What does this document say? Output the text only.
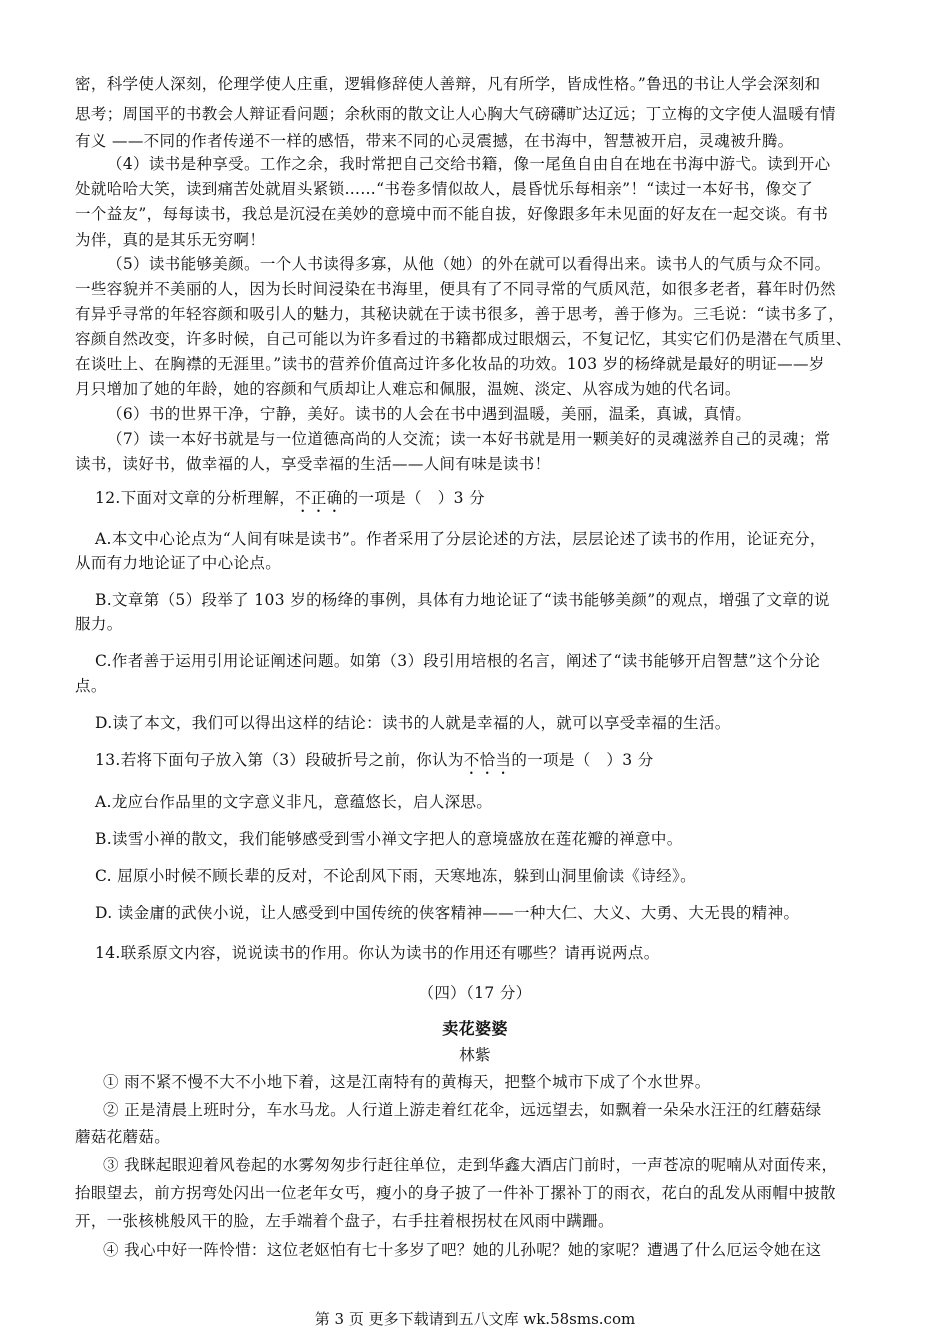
密，科学使人深刻，伦理学使人庄重，逻辑修辞使人善辩，凡有所学，皆成性格。”鲁迅的书让人学会深刻和
思考；周国平的书教会人辩证看问题；余秋雨的散文让人心胸大气磅礴旷达辽远；丁立梅的文字使人温暖有情
有义 ——不同的作者传递不一样的感悟，带来不同的心灵震撼，在书海中，智慧被开启，灵魂被升腾。
（4）读书是种享受。工作之余，我时常把自己交给书籍，像一尾鱼自由自在地在书海中游弋。读到开心
处就哈哈大笑，读到痛苦处就眉头紧锁……“书卷多情似故人，晨昏忧乐每相亲”！“读过一本好书，像交了
一个益友”，每每读书，我总是沉浸在美妙的意境中而不能自拔，好像跟多年未见面的好友在一起交谈。有书
为伴，真的是其乐无穷啊！
（5）读书能够美颜。一个人书读得多寡，从他（她）的外在就可以看得出来。读书人的气质与众不同。
一些容貌并不美丽的人，因为长时间浸染在书海里，便具有了不同寻常的气质风范，如很多老者，暮年时仍然
有异乎寻常的年轻容颜和吸引人的魅力，其秘诀就在于读书很多，善于思考，善于修为。三毛说：“读书多了，
容颜自然改变，许多时候，自己可能以为许多看过的书籍都成过眼烟云，不复记忆，其实它们仍是潜在气质里、
在谈吐上、在胸襟的无涯里。”读书的营养价值高过许多化妆品的功效。103 岁的杨绛就是最好的明证——岁
月只增加了她的年龄，她的容颜和气质却让人难忘和佩服，温婉、淡定、从容成为她的代名词。
（6）书的世界干净，宁静，美好。读书的人会在书中遇到温暖，美丽，温柔，真诚，真情。
（7）读一本好书就是与一位道德高尚的人交流；读一本好书就是用一颗美好的灵魂滋养自己的灵魂；常
读书，读好书，做幸福的人，享受幸福的生活——人间有味是读书！
12.下面对文章的分析理解，不正确的一项是（　）3 分
A.本文中心论点为“人间有味是读书”。作者采用了分层论述的方法，层层论述了读书的作用，论证充分，
从而有力地论证了中心论点。
B.文章第（5）段举了 103 岁的杨绛的事例，具体有力地论证了“读书能够美颜”的观点，增强了文章的说
服力。
C.作者善于运用引用论证阐述问题。如第（3）段引用培根的名言，阐述了“读书能够开启智慧”这个分论
点。
D.读了本文，我们可以得出这样的结论：读书的人就是幸福的人，就可以享受幸福的生活。
13.若将下面句子放入第（3）段破折号之前，你认为不恰当的一项是（　）3 分
A.龙应台作品里的文字意义非凡，意蕴悠长，启人深思。
B.读雪小禅的散文，我们能够感受到雪小禅文字把人的意境盛放在莲花瓣的禅意中。
C. 屈原小时候不顾长辈的反对，不论刮风下雨，天寒地冻，躲到山洞里偷读《诗经》。
D. 读金庸的武侠小说，让人感受到中国传统的侠客精神——一种大仁、大义、大勇、大无畏的精神。
14.联系原文内容，说说读书的作用。你认为读书的作用还有哪些？请再说两点。
（四）（17 分）
卖花婆婆
林紫
① 雨不紧不慢不大不小地下着，这是江南特有的黄梅天，把整个城市下成了个水世界。
② 正是清晨上班时分，车水马龙。人行道上游走着红花伞，远远望去，如飘着一朵朵水汪汪的红蘑菇绿
蘑菇花蘑菇。
③ 我眯起眼迎着风卷起的水雾匆匆步行赶往单位，走到华鑫大酒店门前时，一声苍凉的呢喃从对面传来，
抬眼望去，前方拐弯处闪出一位老年女丐，瘦小的身子披了一件补丁摞补丁的雨衣，花白的乱发从雨帽中披散
开，一张核桃般风干的脸，左手端着个盘子，右手拄着根拐杖在风雨中蹒跚。
④ 我心中好一阵怜惜：这位老妪怕有七十多岁了吧？她的儿孙呢？她的家呢？遭遇了什么厄运令她在这
第 3 页 更多下载请到五八文库 wk.58sms.com
